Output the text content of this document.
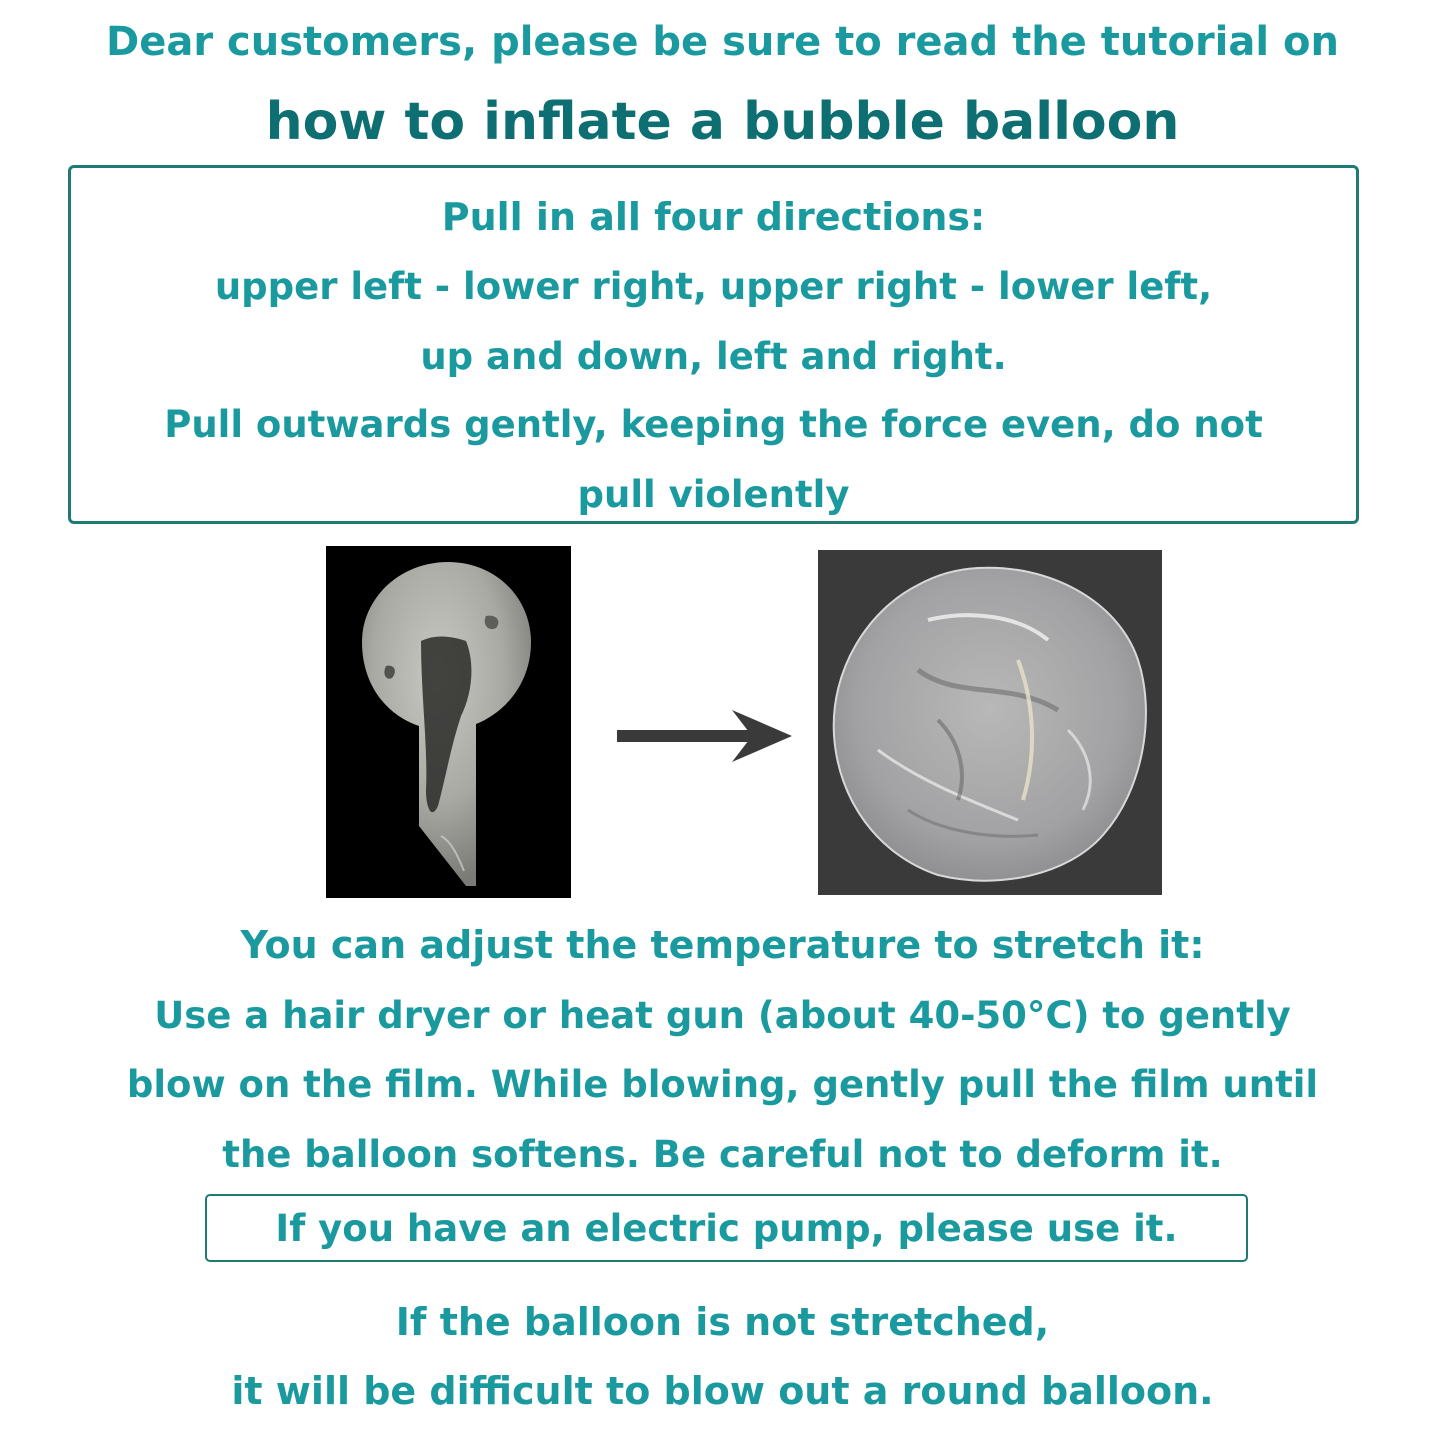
Dear customers, please be sure to read the tutorial on
how to inflate a bubble balloon
Pull in all four directions:
upper left - lower right, upper right - lower left,
up and down, left and right.
Pull outwards gently, keeping the force even, do not
pull violently
You can adjust the temperature to stretch it:
Use a hair dryer or heat gun (about 40-50°C) to gently
blow on the film. While blowing, gently pull the film until
the balloon softens. Be careful not to deform it.
If you have an electric pump, please use it.
If the balloon is not stretched,
it will be difficult to blow out a round balloon.
